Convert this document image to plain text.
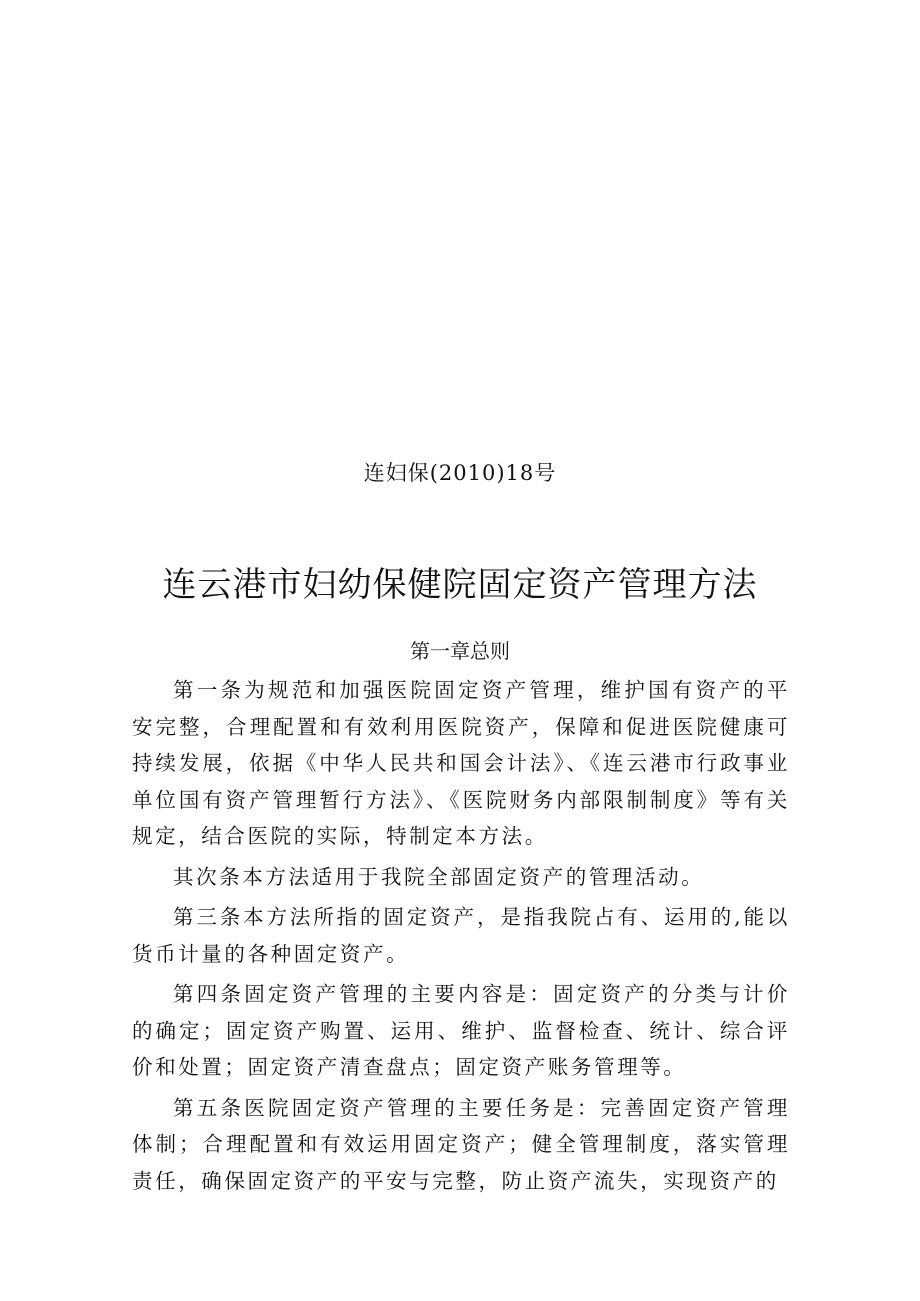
连妇保(2010)18号
连云港市妇幼保健院固定资产管理方法
第一章总则

第一条为规范和加强医院固定资产管理，维护国有资产的平安完整，合理配置和有效利用医院资产，保障和促进医院健康可持续发展，依据《中华人民共和国会计法》、《连云港市行政事业单位国有资产管理暂行方法》、《医院财务内部限制制度》等有关规定，结合医院的实际，特制定本方法。

其次条本方法适用于我院全部固定资产的管理活动。

第三条本方法所指的固定资产，是指我院占有、运用的,能以货币计量的各种固定资产。

第四条固定资产管理的主要内容是：固定资产的分类与计价的确定；固定资产购置、运用、维护、监督检查、统计、综合评价和处置；固定资产清查盘点；固定资产账务管理等。

第五条医院固定资产管理的主要任务是：完善固定资产管理体制；合理配置和有效运用固定资产；健全管理制度，落实管理责任，确保固定资产的平安与完整，防止资产流失，实现资产的
